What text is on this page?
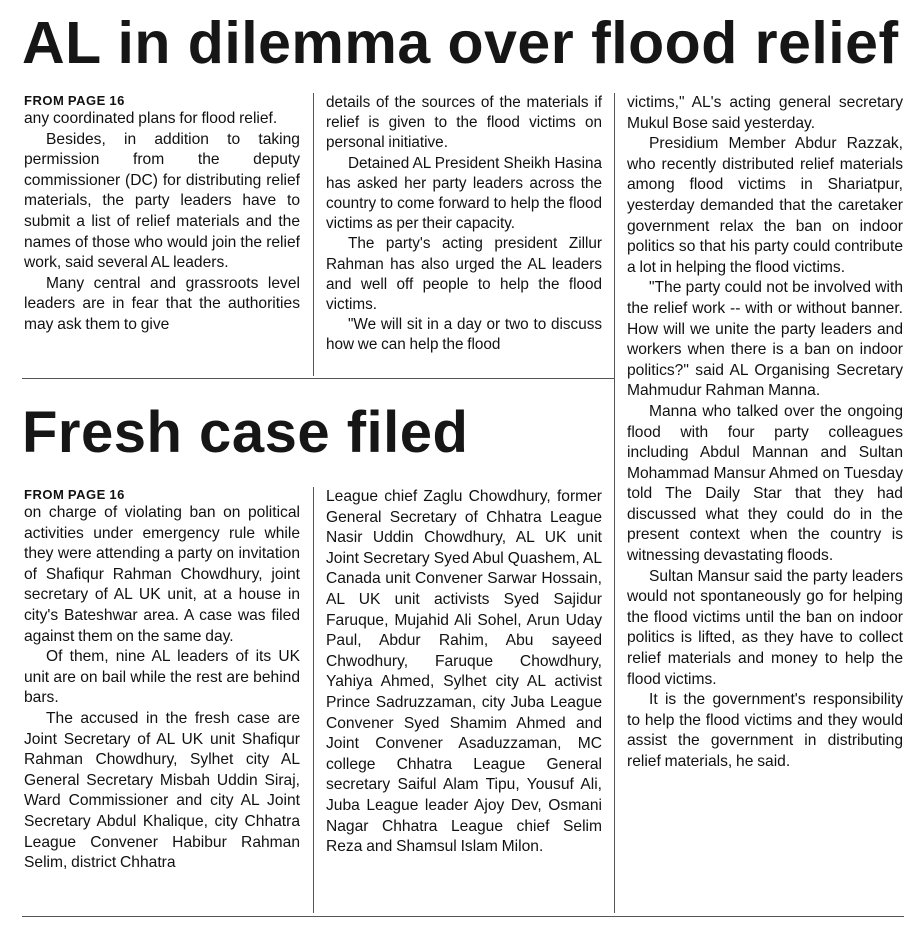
AL in dilemma over flood relief
FROM PAGE 16

any coordinated plans for flood relief.

Besides, in addition to taking permission from the deputy commissioner (DC) for distributing relief materials, the party leaders have to submit a list of relief materials and the names of those who would join the relief work, said several AL leaders.

Many central and grassroots level leaders are in fear that the authorities may ask them to give

details of the sources of the materials if relief is given to the flood victims on personal initiative.

Detained AL President Sheikh Hasina has asked her party leaders across the country to come forward to help the flood victims as per their capacity.

The party's acting president Zillur Rahman has also urged the AL leaders and well off people to help the flood victims.

"We will sit in a day or two to discuss how we can help the flood

victims," AL's acting general secretary Mukul Bose said yesterday.

Presidium Member Abdur Razzak, who recently distributed relief materials among flood victims in Shariatpur, yesterday demanded that the caretaker government relax the ban on indoor politics so that his party could contribute a lot in helping the flood victims.

"The party could not be involved with the relief work -- with or without banner. How will we unite the party leaders and workers when there is a ban on indoor politics?" said AL Organising Secretary Mahmudur Rahman Manna.

Manna who talked over the ongoing flood with four party colleagues including Abdul Mannan and Sultan Mohammad Mansur Ahmed on Tuesday told The Daily Star that they had discussed what they could do in the present context when the country is witnessing devastating floods.

Sultan Mansur said the party leaders would not spontaneously go for helping the flood victims until the ban on indoor politics is lifted, as they have to collect relief materials and money to help the flood victims.

It is the government's responsibility to help the flood victims and they would assist the government in distributing relief materials, he said.

Fresh case filed
FROM PAGE 16

on charge of violating ban on political activities under emergency rule while they were attending a party on invitation of Shafiqur Rahman Chowdhury, joint secretary of AL UK unit, at a house in city's Bateshwar area. A case was filed against them on the same day.

Of them, nine AL leaders of its UK unit are on bail while the rest are behind bars.

The accused in the fresh case are Joint Secretary of AL UK unit Shafiqur Rahman Chowdhury, Sylhet city AL General Secretary Misbah Uddin Siraj, Ward Commissioner and city AL Joint Secretary Abdul Khalique, city Chhatra League Convener Habibur Rahman Selim, district Chhatra

League chief Zaglu Chowdhury, former General Secretary of Chhatra League Nasir Uddin Chowdhury, AL UK unit Joint Secretary Syed Abul Quashem, AL Canada unit Convener Sarwar Hossain, AL UK unit activists Syed Sajidur Faruque, Mujahid Ali Sohel, Arun Uday Paul, Abdur Rahim, Abu sayeed Chwodhury, Faruque Chowdhury, Yahiya Ahmed, Sylhet city AL activist Prince Sadruzzaman, city Juba League Convener Syed Shamim Ahmed and Joint Convener Asaduzzaman, MC college Chhatra League General secretary Saiful Alam Tipu, Yousuf Ali, Juba League leader Ajoy Dev, Osmani Nagar Chhatra League chief Selim Reza and Shamsul Islam Milon.
